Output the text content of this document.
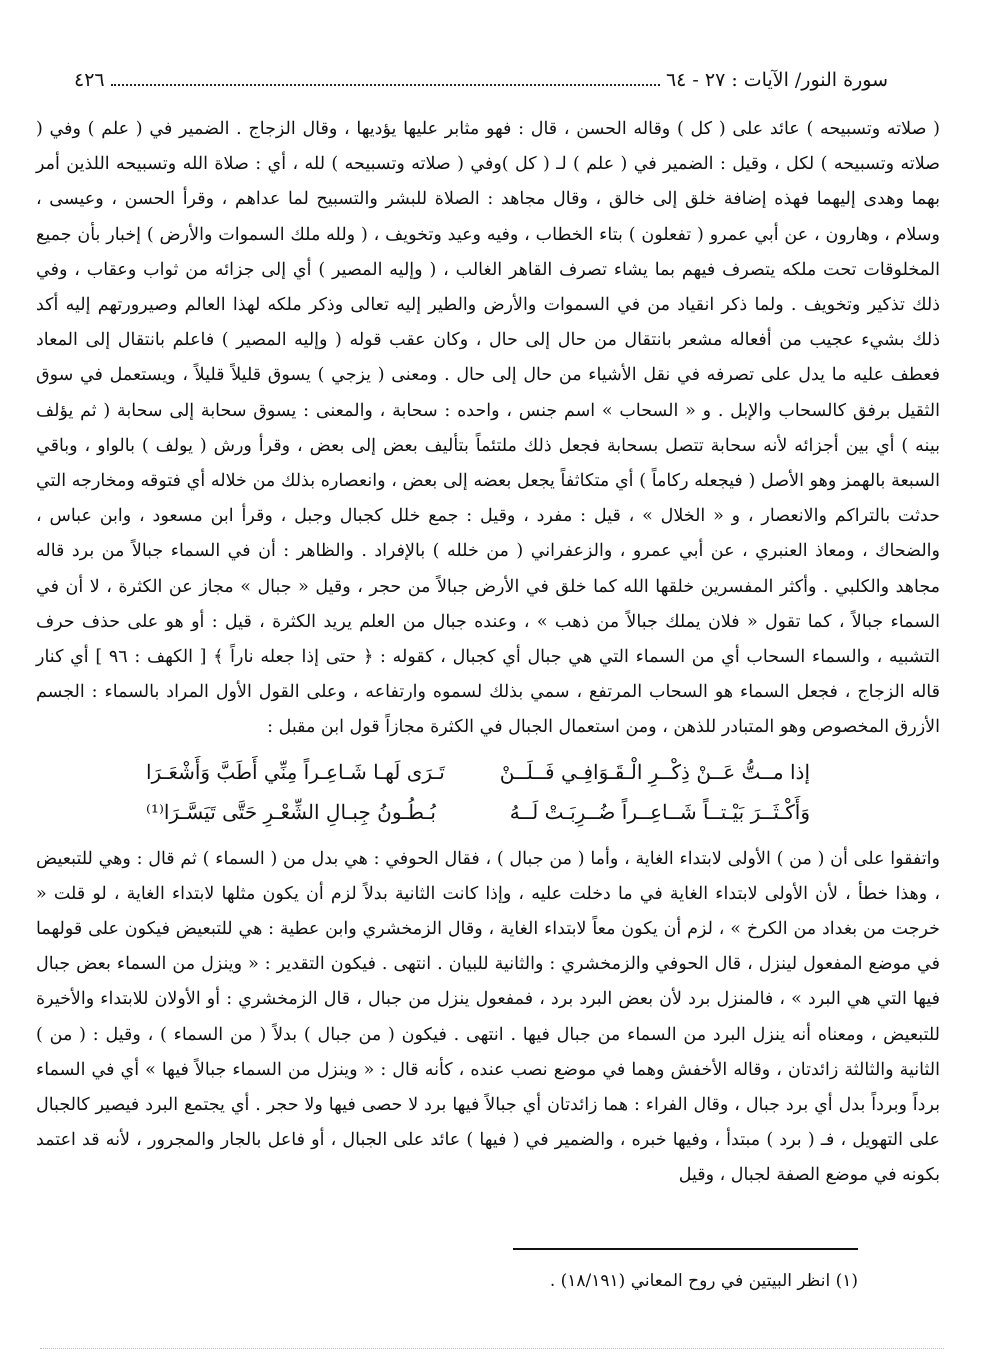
سورة النور/ الآيات : ٢٧ - ٦٤
٤٢٦

( صلاته وتسبيحه ) عائد على ( كل ) وقاله الحسن ، قال : فهو مثابر عليها يؤديها ، وقال الزجاج . الضمير في ( علم ) وفي ( صلاته وتسبيحه ) لكل ، وقيل : الضمير في ( علم ) لـ ( كل )وفي ( صلاته وتسبيحه ) لله ، أي : صلاة الله وتسبيحه اللذين أمر بهما وهدى إليهما فهذه إضافة خلق إلى خالق ، وقال مجاهد : الصلاة للبشر والتسبيح لما عداهم ، وقرأ الحسن ، وعيسى ، وسلام ، وهارون ، عن أبي عمرو ( تفعلون ) بتاء الخطاب ، وفيه وعيد وتخويف ، ( ولله ملك السموات والأرض ) إخبار بأن جميع المخلوقات تحت ملكه يتصرف فيهم بما يشاء تصرف القاهر الغالب ، ( وإليه المصير ) أي إلى جزائه من ثواب وعقاب ، وفي ذلك تذكير وتخويف . ولما ذكر انقياد من في السموات والأرض والطير إليه تعالى وذكر ملكه لهذا العالم وصيرورتهم إليه أكد ذلك بشيء عجيب من أفعاله مشعر بانتقال من حال إلى حال ، وكان عقب قوله ( وإليه المصير ) فاعلم بانتقال إلى المعاد فعطف عليه ما يدل على تصرفه في نقل الأشياء من حال إلى حال . ومعنى ( يزجي ) يسوق قليلاً قليلاً ، ويستعمل في سوق الثقيل برفق كالسحاب والإبل . و « السحاب » اسم جنس ، واحده : سحابة ، والمعنى : يسوق سحابة إلى سحابة ( ثم يؤلف بينه ) أي بين أجزائه لأنه سحابة تتصل بسحابة فجعل ذلك ملتئماً بتأليف بعض إلى بعض ، وقرأ ورش ( يولف ) بالواو ، وباقي السبعة بالهمز وهو الأصل ( فيجعله ركاماً ) أي متكاثفاً يجعل بعضه إلى بعض ، وانعصاره بذلك من خلاله أي فتوقه ومخارجه التي حدثت بالتراكم والانعصار ، و « الخلال » ، قيل : مفرد ، وقيل : جمع خلل كجبال وجبل ، وقرأ ابن مسعود ، وابن عباس ، والضحاك ، ومعاذ العنبري ، عن أبي عمرو ، والزعفراني ( من خلله ) بالإفراد . والظاهر : أن في السماء جبالاً من برد قاله مجاهد والكلبي . وأكثر المفسرين خلقها الله كما خلق في الأرض جبالاً من حجر ، وقيل « جبال » مجاز عن الكثرة ، لا أن في السماء جبالاً ، كما تقول « فلان يملك جبالاً من ذهب » ، وعنده جبال من العلم يريد الكثرة ، قيل : أو هو على حذف حرف التشبيه ، والسماء السحاب أي من السماء التي هي جبال أي كجبال ، كقوله : ﴿ حتى إذا جعله ناراً ﴾ [ الكهف : ٩٦ ] أي كنار قاله الزجاج ، فجعل السماء هو السحاب المرتفع ، سمي بذلك لسموه وارتفاعه ، وعلى القول الأول المراد بالسماء : الجسم الأزرق المخصوص وهو المتبادر للذهن ، ومن استعمال الجبال في الكثرة مجازاً قول ابن مقبل :

إذا مــتُّ عَــنْ ذِكْــرِ الْـقَـوَافِـي فَــلَــنْ
تَـرَى لَهـا شَـاعِـراً مِنِّي أَطَبَّ وَأَشْعَـرَا
وَأَكْـثَــرَ بَيْـتــاً شَــاعِــراً ضُــرِبَـتْ لَــهُ
بُـطُـونُ جِبـالِ الشِّعْـرِ حَتَّى تَيَسَّـرَا⁽¹⁾

واتفقوا على أن ( من ) الأولى لابتداء الغاية ، وأما ( من جبال ) ، فقال الحوفي : هي بدل من ( السماء ) ثم قال : وهي للتبعيض ، وهذا خطأ ، لأن الأولى لابتداء الغاية في ما دخلت عليه ، وإذا كانت الثانية بدلاً لزم أن يكون مثلها لابتداء الغاية ، لو قلت « خرجت من بغداد من الكرخ » ، لزم أن يكون معاً لابتداء الغاية ، وقال الزمخشري وابن عطية : هي للتبعيض فيكون على قولهما في موضع المفعول لينزل ، قال الحوفي والزمخشري : والثانية للبيان . انتهى . فيكون التقدير : « وينزل من السماء بعض جبال فيها التي هي البرد » ، فالمنزل برد لأن بعض البرد برد ، فمفعول ينزل من جبال ، قال الزمخشري : أو الأولان للابتداء والأخيرة للتبعيض ، ومعناه أنه ينزل البرد من السماء من جبال فيها . انتهى . فيكون ( من جبال ) بدلاً ( من السماء ) ، وقيل : ( من ) الثانية والثالثة زائدتان ، وقاله الأخفش وهما في موضع نصب عنده ، كأنه قال : « وينزل من السماء جبالاً فيها » أي في السماء برداً وبرداً بدل أي برد جبال ، وقال الفراء : هما زائدتان أي جبالاً فيها برد لا حصى فيها ولا حجر . أي يجتمع البرد فيصير كالجبال على التهويل ، فـ ( برد ) مبتدأ ، وفيها خبره ، والضمير في ( فيها ) عائد على الجبال ، أو فاعل بالجار والمجرور ، لأنه قد اعتمد بكونه في موضع الصفة لجبال ، وقيل

(١) انظر البيتين في روح المعاني (١٨/١٩١) .
